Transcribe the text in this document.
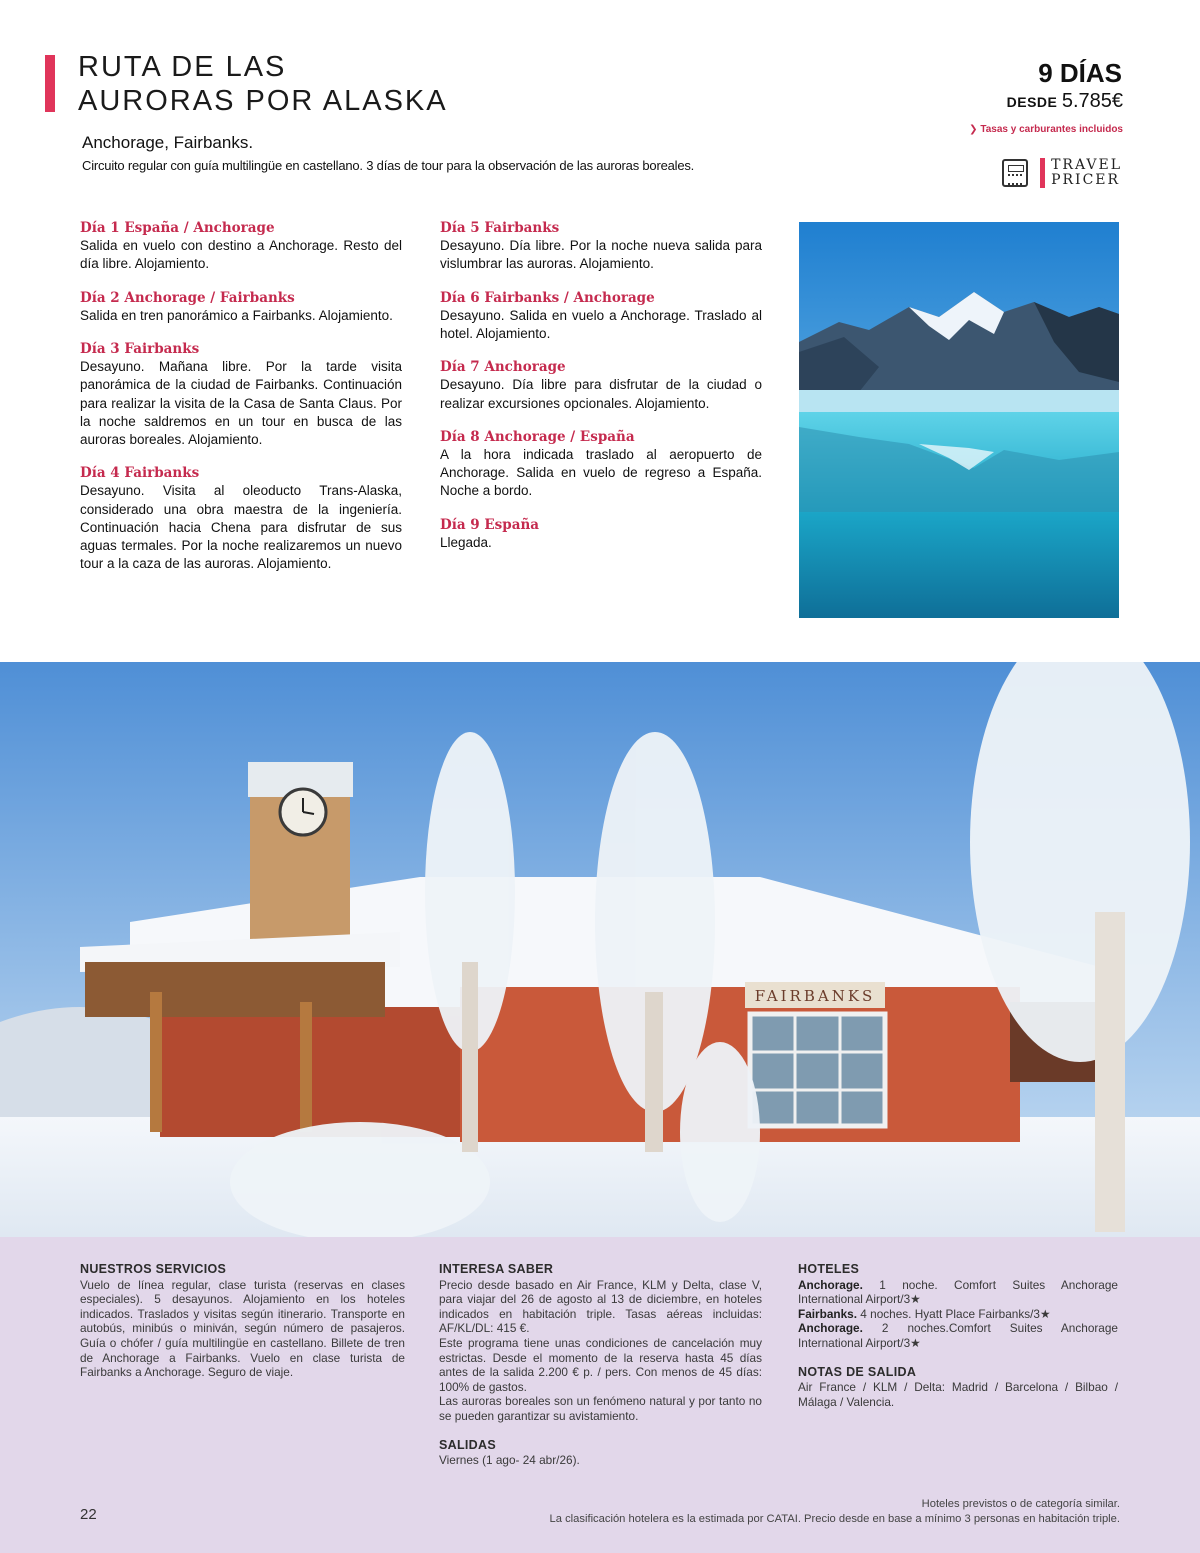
RUTA DE LAS
AURORAS POR ALASKA
Anchorage, Fairbanks.
Circuito regular con guía multilingüe en castellano. 3 días de tour para la observación de las auroras boreales.
9 DÍAS
DESDE 5.785€
❯ Tasas y carburantes incluidos
TRAVEL
PRICER
Día 1 España / Anchorage
Salida en vuelo con destino a Anchorage. Resto del día libre. Alojamiento.
Día 2 Anchorage / Fairbanks
Salida en tren panorámico a Fairbanks. Alojamiento.
Día 3 Fairbanks
Desayuno. Mañana libre. Por la tarde visita panorámica de la ciudad de Fairbanks. Continuación para realizar la visita de la Casa de Santa Claus. Por la noche saldremos en un tour en busca de las auroras boreales. Alojamiento.
Día 4 Fairbanks
Desayuno. Visita al oleoducto Trans-Alaska, considerado una obra maestra de la ingeniería. Continuación hacia Chena para disfrutar de sus aguas termales. Por la noche realizaremos un nuevo tour a la caza de las auroras. Alojamiento.
Día 5 Fairbanks
Desayuno. Día libre. Por la noche nueva salida para vislumbrar las auroras. Alojamiento.
Día 6 Fairbanks / Anchorage
Desayuno. Salida en vuelo a Anchorage. Traslado al hotel. Alojamiento.
Día 7 Anchorage
Desayuno. Día libre para disfrutar de la ciudad o realizar excursiones opcionales. Alojamiento.
Día 8 Anchorage / España
A la hora indicada traslado al aeropuerto de Anchorage. Salida en vuelo de regreso a España. Noche a bordo.
Día 9 España
Llegada.
FAIRBANKS
NUESTROS SERVICIOS

Vuelo de línea regular, clase turista (reservas en clases especiales). 5 desayunos. Alojamiento en los hoteles indicados. Traslados y visitas según itinerario. Transporte en autobús, minibús o miniván, según número de pasajeros. Guía o chófer / guía multilingüe en castellano. Billete de tren de Anchorage a Fairbanks. Vuelo en clase turista de Fairbanks a Anchorage. Seguro de viaje.

INTERESA SABER

Precio desde basado en Air France, KLM y Delta, clase V, para viajar del 26 de agosto al 13 de diciembre, en hoteles indicados en habitación triple. Tasas aéreas incluidas: AF/KL/DL: 415 €.

Este programa tiene unas condiciones de cancelación muy estrictas. Desde el momento de la reserva hasta 45 días antes de la salida 2.200 € p. / pers. Con menos de 45 días: 100% de gastos.

Las auroras boreales son un fenómeno natural y por tanto no se pueden garantizar su avistamiento.

SALIDAS

Viernes (1 ago- 24 abr/26).

HOTELES

Anchorage. 1 noche. Comfort Suites Anchorage International Airport/3★

Fairbanks. 4 noches. Hyatt Place Fairbanks/3★

Anchorage. 2 noches.Comfort Suites Anchorage International Airport/3★

NOTAS DE SALIDA

Air France / KLM / Delta: Madrid / Barcelona / Bilbao / Málaga / Valencia.

22
Hoteles previstos o de categoría similar.
La clasificación hotelera es la estimada por CATAI. Precio desde en base a mínimo 3 personas en habitación triple.
